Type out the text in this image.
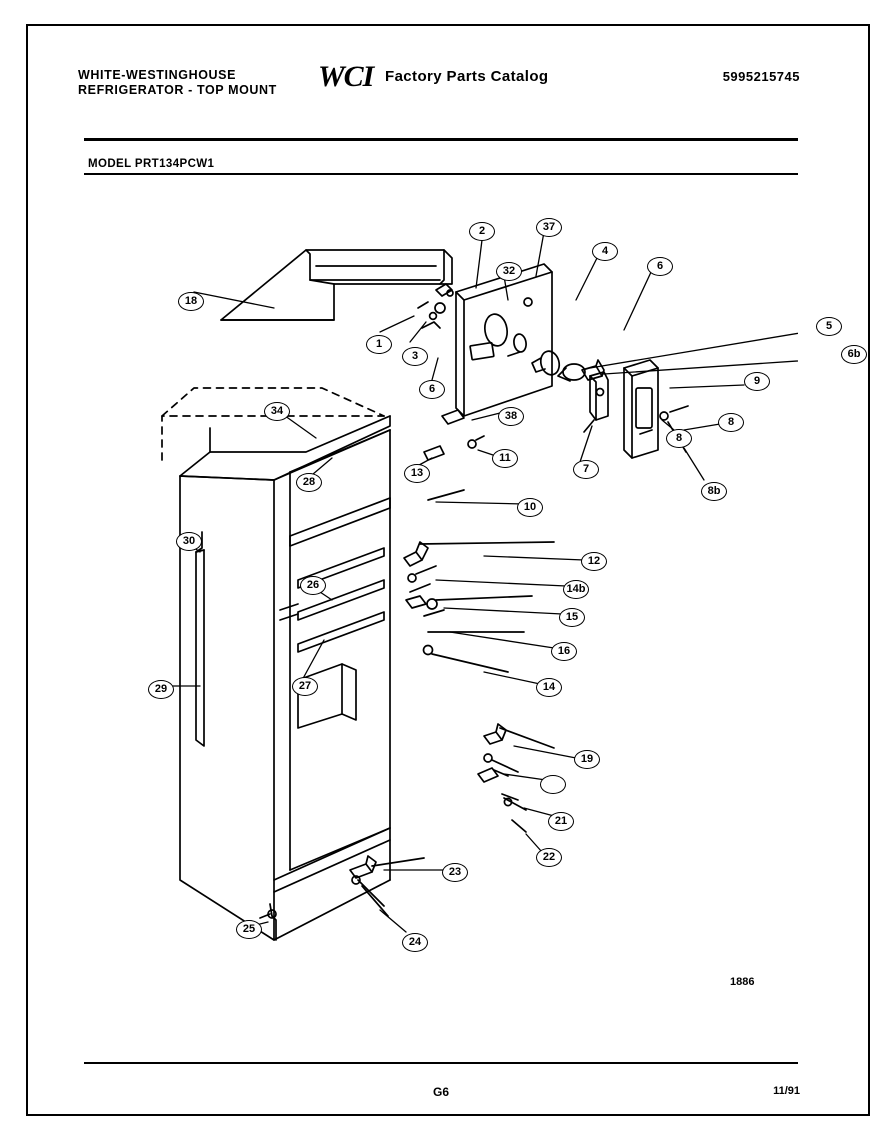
WHITE-WESTINGHOUSE
REFRIGERATOR - TOP MOUNT WCI Factory Parts Catalog	5995215745
MODEL PRT134PCW1
18
2	37
32
4
6
5
6b
1
3
6
9
8
8b
8
7
38
11
13
10
12
14b
15
16
14
34
28
26
27
30
29
19
21
22
23
24
25
1886
G6	11/91
